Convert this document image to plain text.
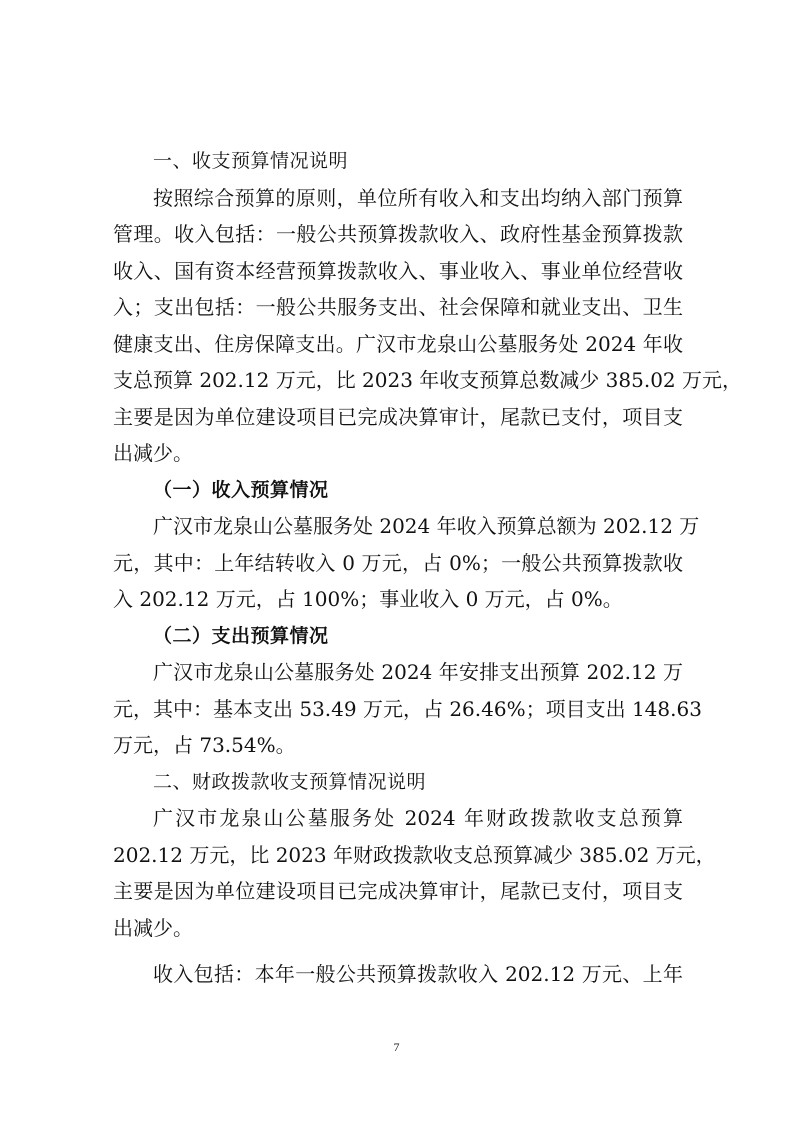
一、收支预算情况说明
按照综合预算的原则，单位所有收入和支出均纳入部门预算
管理。收入包括：一般公共预算拨款收入、政府性基金预算拨款
收入、国有资本经营预算拨款收入、事业收入、事业单位经营收
入；支出包括：一般公共服务支出、社会保障和就业支出、卫生
健康支出、住房保障支出。广汉市龙泉山公墓服务处 2024 年收
支总预算 202.12 万元，比 2023 年收支预算总数减少 385.02 万元，
主要是因为单位建设项目已完成决算审计，尾款已支付，项目支
出减少。
（一）收入预算情况
广汉市龙泉山公墓服务处 2024 年收入预算总额为 202.12 万
元，其中：上年结转收入 0 万元，占 0%；一般公共预算拨款收
入 202.12 万元，占 100%；事业收入 0 万元，占 0%。
（二）支出预算情况
广汉市龙泉山公墓服务处 2024 年安排支出预算 202.12 万
元，其中：基本支出 53.49 万元，占 26.46%；项目支出 148.63
万元，占 73.54%。
二、财政拨款收支预算情况说明
广汉市龙泉山公墓服务处 2024 年财政拨款收支总预算
202.12 万元，比 2023 年财政拨款收支总预算减少 385.02 万元，
主要是因为单位建设项目已完成决算审计，尾款已支付，项目支
出减少。
收入包括：本年一般公共预算拨款收入 202.12 万元、上年
7
